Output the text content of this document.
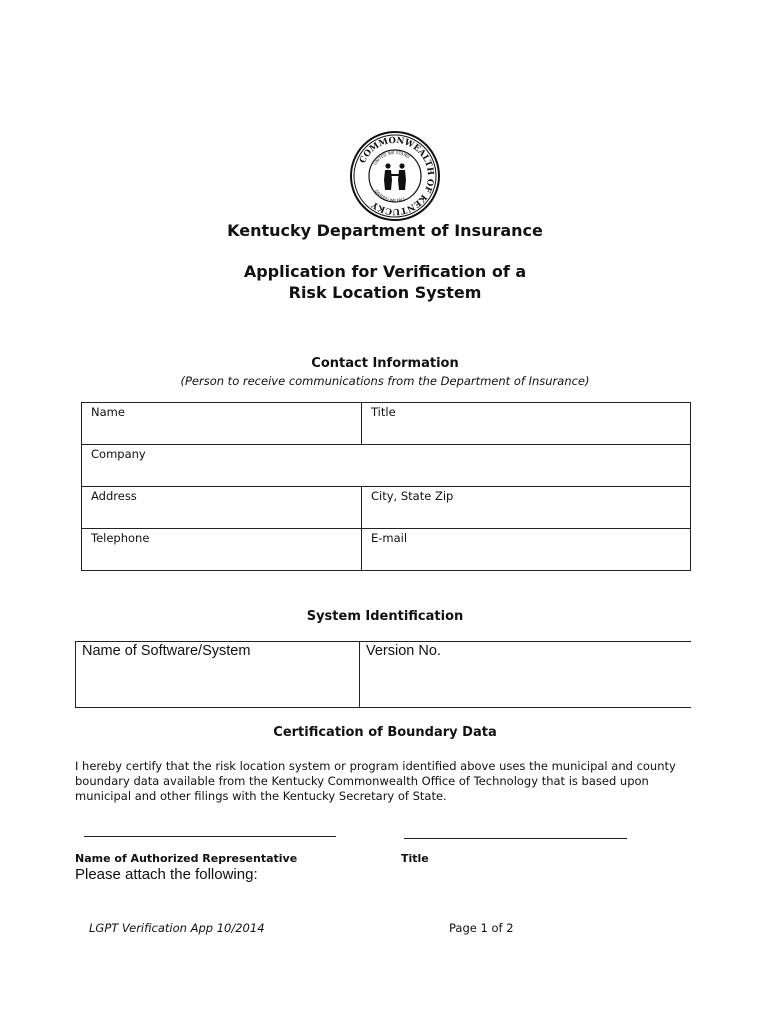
COMMONWEALTH OF KENTUCKY
UNITED WE STAND
DIVIDED WE FALL
Kentucky Department of Insurance
Application for Verification of a
Risk Location System
Contact Information
(Person to receive communications from the Department of Insurance)
Name	Title
Company	
Address	City, State Zip
Telephone	E-mail
System Identification
Name of Software/System	Version No.
Certification of Boundary Data
I hereby certify that the risk location system or program identified above uses the municipal and county boundary data available from the Kentucky Commonwealth Office of Technology that is based upon municipal and other filings with the Kentucky Secretary of State.
Name of Authorized Representative	Title
Please attach the following:
LGPT Verification App 10/2014	Page 1 of 2
